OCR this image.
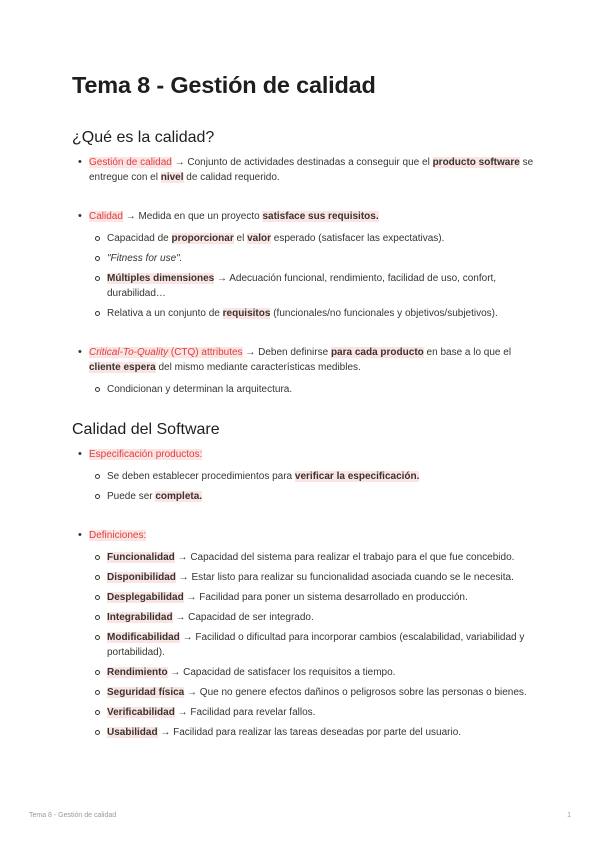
Tema 8 - Gestión de calidad
¿Qué es la calidad?
• Gestión de calidad → Conjunto de actividades destinadas a conseguir que el producto software se entregue con el nivel de calidad requerido.
• Calidad → Medida en que un proyecto satisface sus requisitos.
Capacidad de proporcionar el valor esperado (satisfacer las expectativas).
"Fitness for use".
Múltiples dimensiones → Adecuación funcional, rendimiento, facilidad de uso, confort, durabilidad…
Relativa a un conjunto de requisitos (funcionales/no funcionales y objetivos/subjetivos).
• Critical-To-Quality (CTQ) attributes → Deben definirse para cada producto en base a lo que el cliente espera del mismo mediante características medibles.
Condicionan y determinan la arquitectura.
Calidad del Software
• Especificación productos:
Se deben establecer procedimientos para verificar la especificación.
Puede ser completa.
• Definiciones:
Funcionalidad → Capacidad del sistema para realizar el trabajo para el que fue concebido.
Disponibilidad → Estar listo para realizar su funcionalidad asociada cuando se le necesita.
Desplegabilidad → Facilidad para poner un sistema desarrollado en producción.
Integrabilidad → Capacidad de ser integrado.
Modificabilidad → Facilidad o dificultad para incorporar cambios (escalabilidad, variabilidad y portabilidad).
Rendimiento → Capacidad de satisfacer los requisitos a tiempo.
Seguridad física → Que no genere efectos dañinos o peligrosos sobre las personas o bienes.
Verificabilidad → Facilidad para revelar fallos.
Usabilidad → Facilidad para realizar las tareas deseadas por parte del usuario.
Tema 8 - Gestión de calidad	1
